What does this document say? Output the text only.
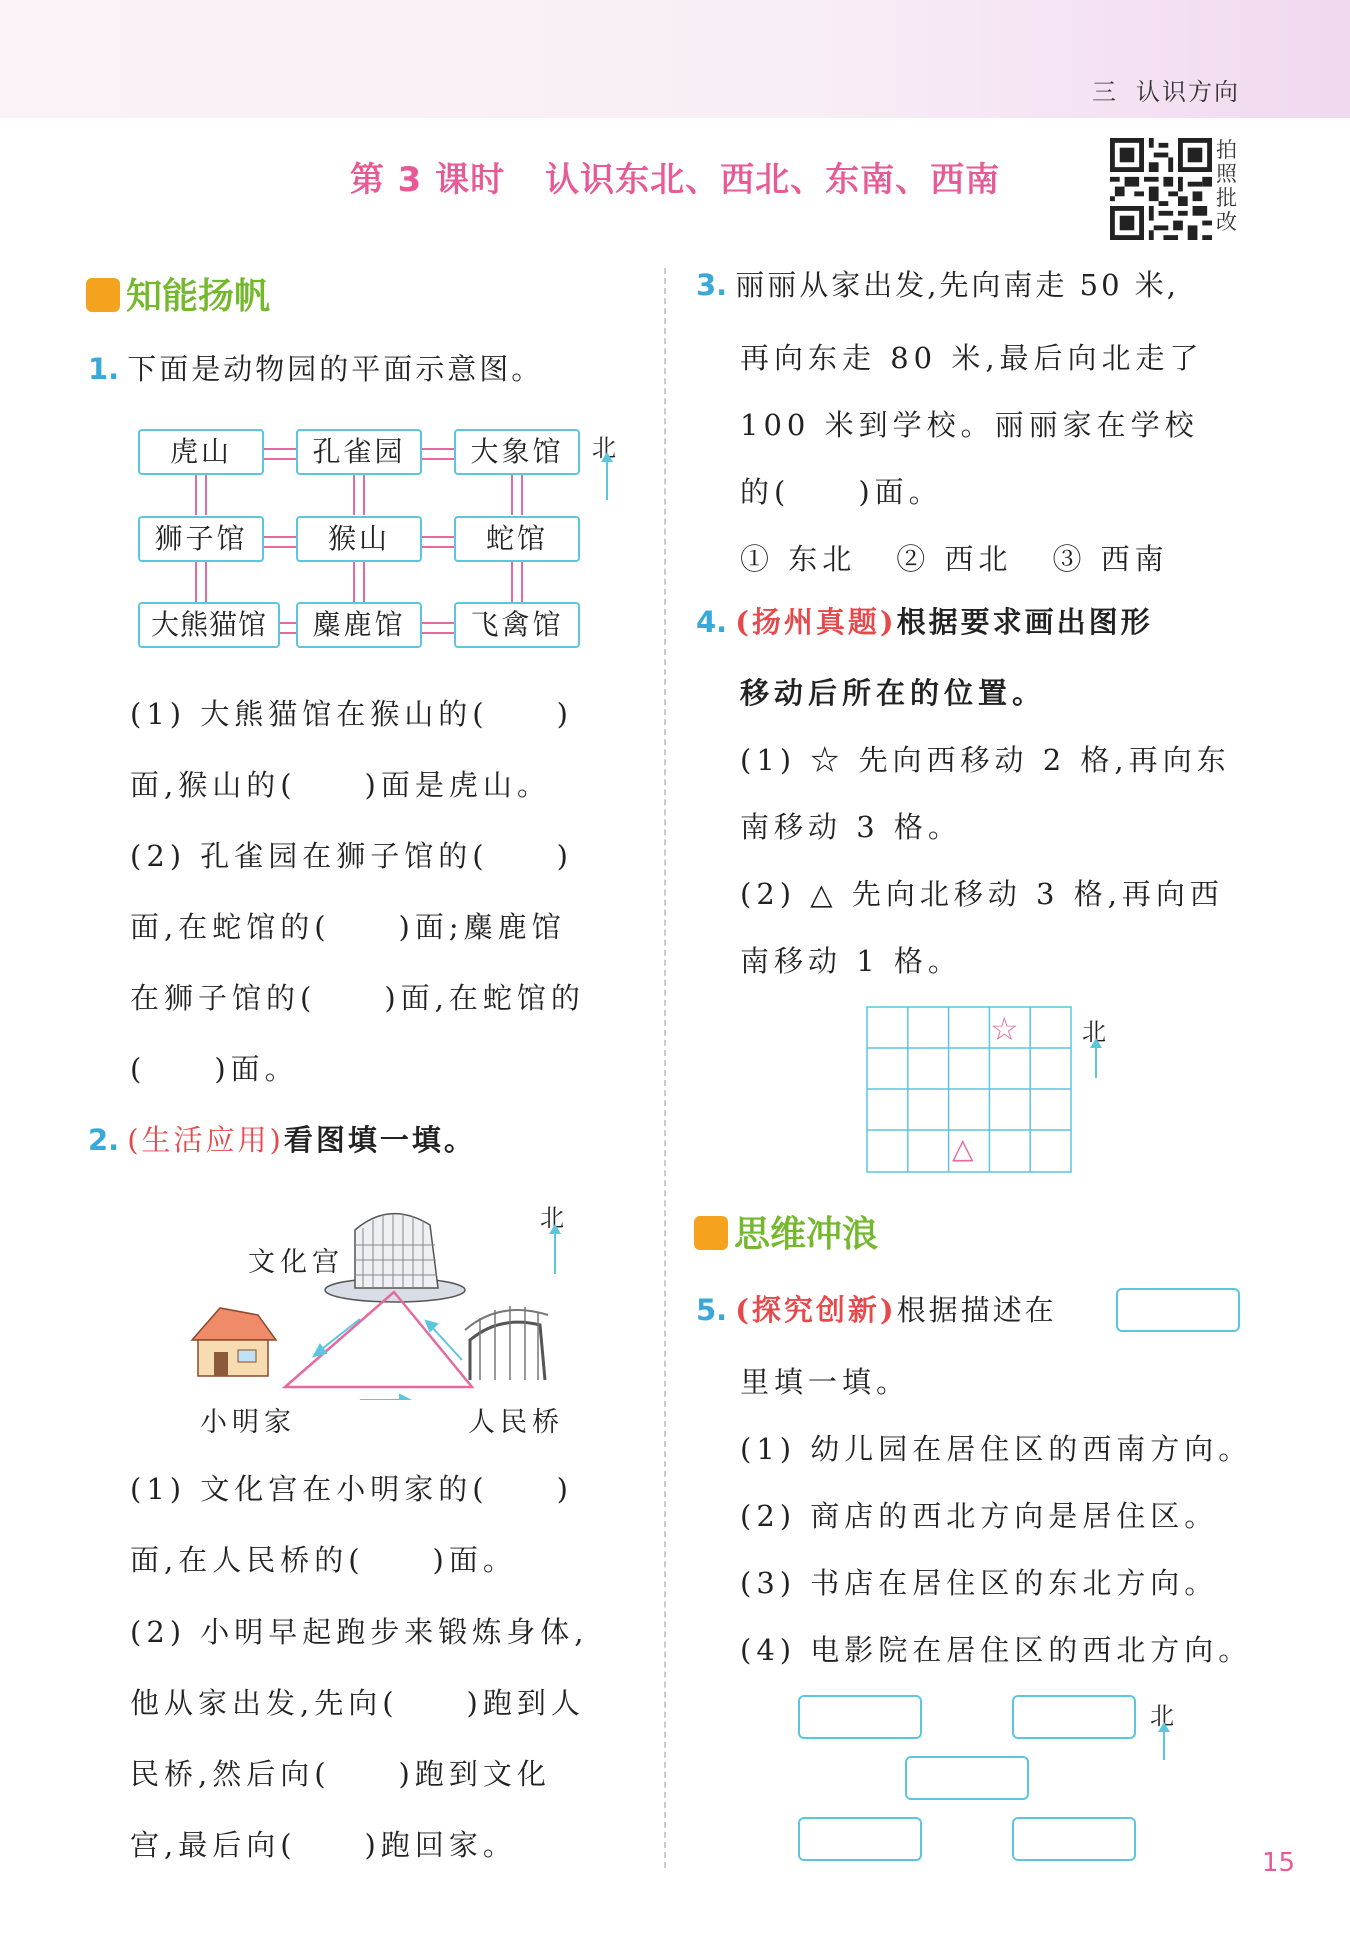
三 认识方向
第 3 课时 认识东北、西北、东南、西南
拍照批改
知能扬帆
1. 下面是动物园的平面示意图。
虎山	孔雀园	大象馆
狮子馆	猴山	蛇馆
大熊猫馆	麋鹿馆	飞禽馆
北
(1) 大熊猫馆在猴山的(　　)
面,猴山的(　　)面是虎山。
(2) 孔雀园在狮子馆的(　　)
面,在蛇馆的(　　)面;麋鹿馆
在狮子馆的(　　)面,在蛇馆的
(　　)面。
2. (生活应用)看图填一填。
北
文化宫
小明家	人民桥
(1) 文化宫在小明家的(　　)
面,在人民桥的(　　)面。
(2) 小明早起跑步来锻炼身体,
他从家出发,先向(　　)跑到人
民桥,然后向(　　)跑到文化
宫,最后向(　　)跑回家。
3. 丽丽从家出发,先向南走 50 米,
再向东走 80 米,最后向北走了
100 米到学校。丽丽家在学校
的(　　)面。
① 东北 ② 西北 ③ 西南
4. (扬州真题)根据要求画出图形
移动后所在的位置。
(1) ☆ 先向西移动 2 格,再向东
南移动 3 格。
(2) △ 先向北移动 3 格,再向西
南移动 1 格。
☆
△
北
思维冲浪
5. (探究创新)根据描述在
里填一填。
(1) 幼儿园在居住区的西南方向。
(2) 商店的西北方向是居住区。
(3) 书店在居住区的东北方向。
(4) 电影院在居住区的西北方向。
北
15
